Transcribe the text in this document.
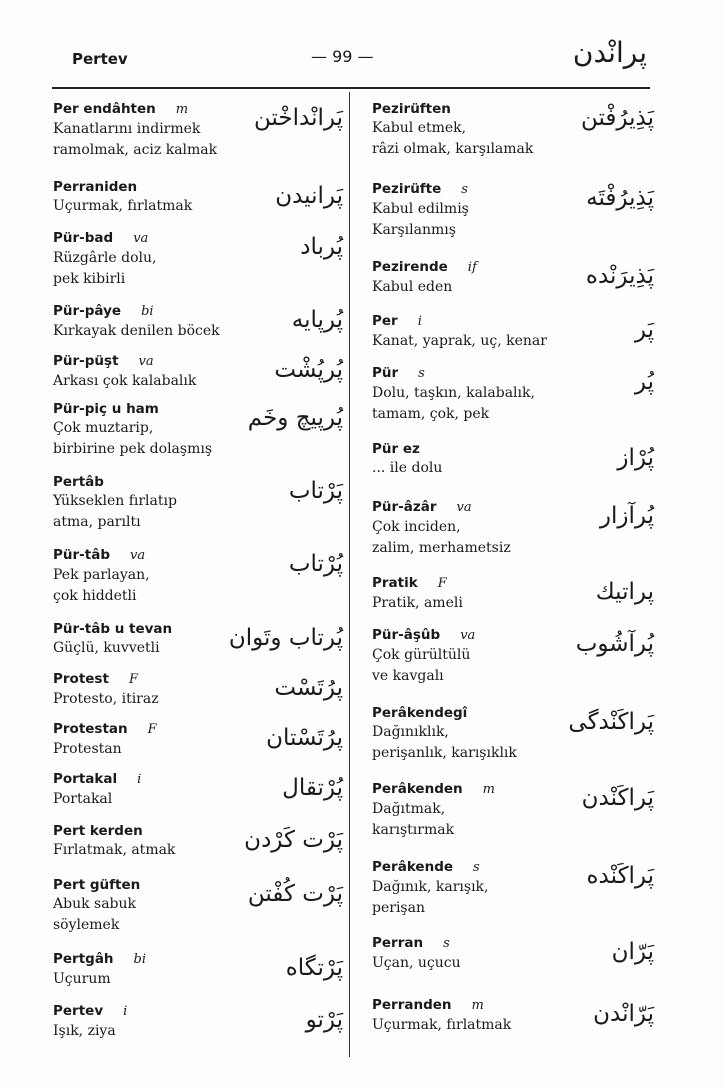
Pertev	— 99 —	پرانْدن
Per endâhten m
Kanatlarını indirmek
ramolmak, aciz kalmak
پَرانْداخْتن
Perraniden
Uçurmak, fırlatmak	پَرانيدن
Pür-bad va
Rüzgârle dolu,
pek kibirli
پُرباد
Pür-pâye bi
Kırkayak denilen böcek	پُرپايه
Pür-püşt va
Arkası çok kalabalık	پُرپُشْت
Pür-piç u ham
Çok muztarip,
birbirine pek dolaşmış
پُرپيچ وخَم
Pertâb
Yükseklen fırlatıp
atma, parıltı
پَرْتاب
Pür-tâb va
Pek parlayan,
çok hiddetli
پُرْتاب
Pür-tâb u tevan
Güçlü, kuvvetli	پُرتاب وتَوان
Protest F
Protesto, itiraz	پرُتَسْت
Protestan F
Protestan	پرُتَسْتان
Portakal i
Portakal	پُرْتقال
Pert kerden
Fırlatmak, atmak	پَرْت كَرْدن
Pert güften
Abuk sabuk
söylemek
پَرْت كُفْتن
Pertgâh bi
Uçurum	پَرْتگاه
Pertev i
Işık, ziya	پَرْتو
Pezirüften
Kabul etmek,
râzi olmak, karşılamak
پَذِيرُفْتن
Pezirüfte s
Kabul edilmiş
Karşılanmış
پَذِيرُفْتَه
Pezirende if
Kabul eden	پَذِيرَنْده
Per i
Kanat, yaprak, uç, kenar	پَر
Pür s
Dolu, taşkın, kalabalık,
tamam, çok, pek
پُر
Pür ez
... ile dolu	پُرْاز
Pür-âzâr va
Çok inciden,
zalim, merhametsiz
پُرآزار
Pratik F
Pratik, ameli	پراتيك
Pür-âşûb va
Çok gürültülü
ve kavgalı
پُرآشُوب
Perâkendegî
Dağınıklık,
perişanlık, karışıklık
پَراكَنْدگى
Perâkenden m
Dağıtmak,
karıştırmak
پَراكَنْدن
Perâkende s
Dağınık, karışık,
perişan
پَراكَنْده
Perran s
Uçan, uçucu	پَرّان
Perranden m
Uçurmak, fırlatmak	پَرّانْدن
